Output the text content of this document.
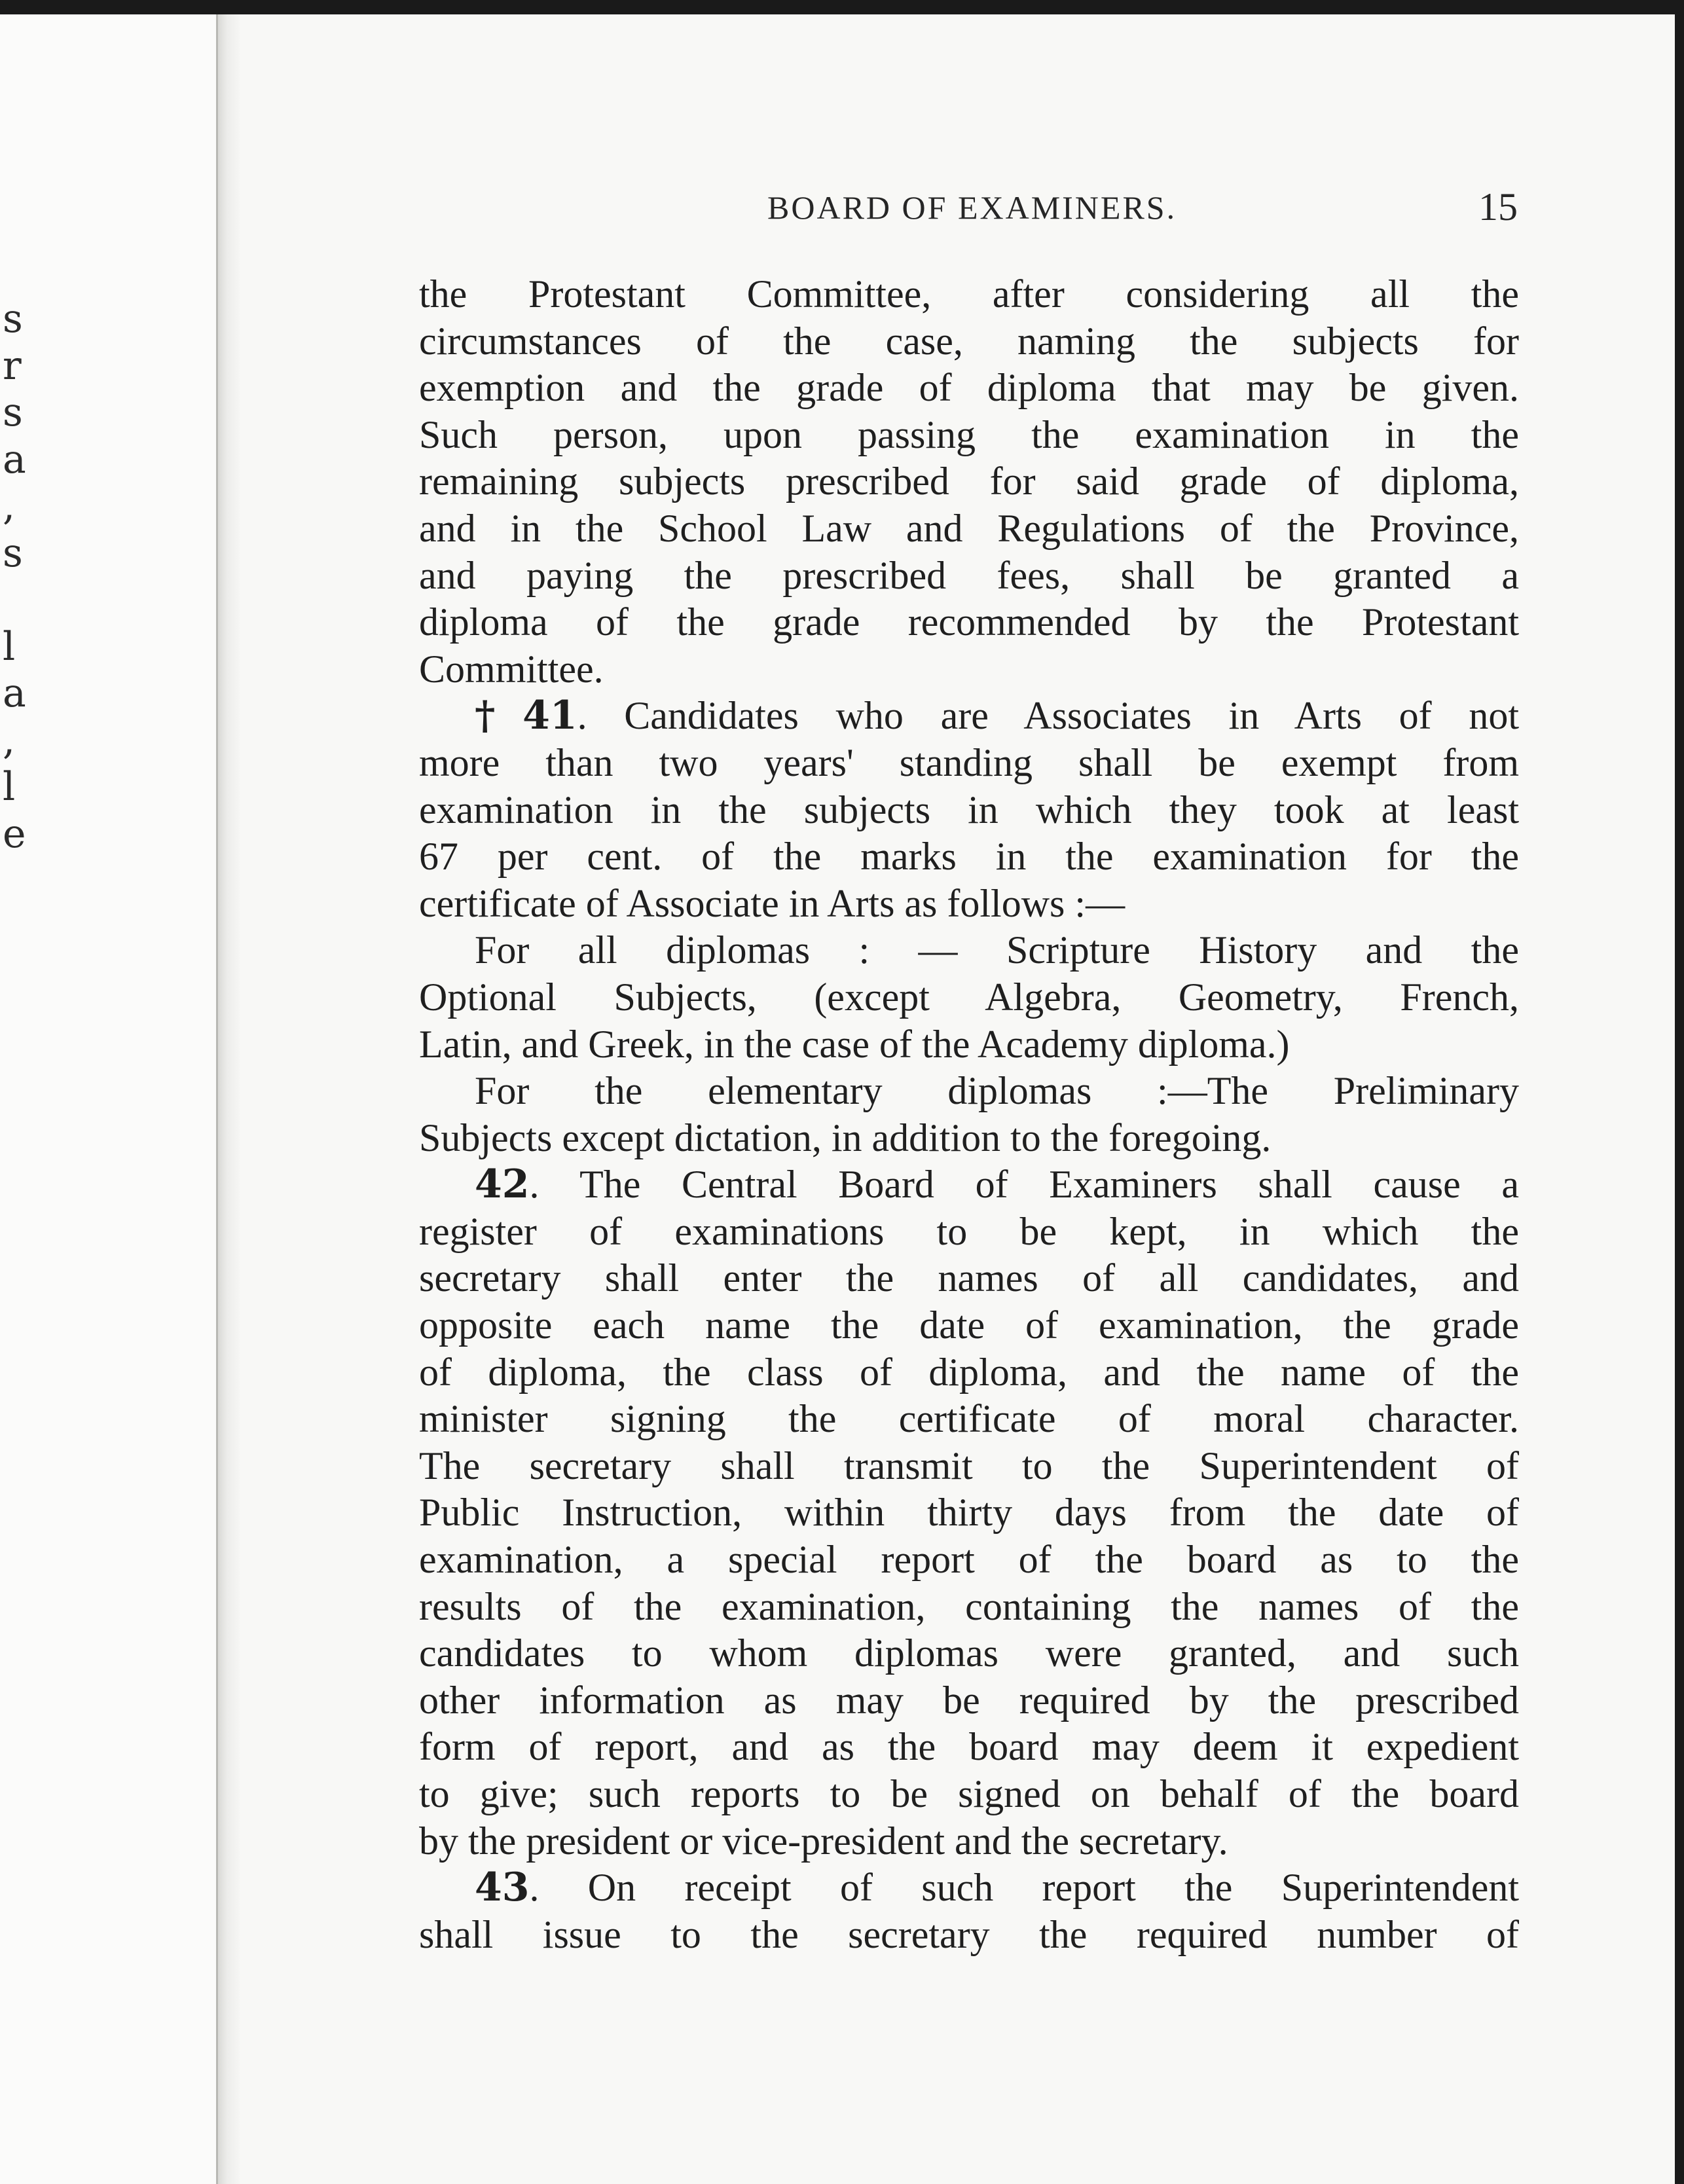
s
r
s
a
,
s
l
a
,
l
e
BOARD OF EXAMINERS.	15
the Protestant Committee, after considering all the
circumstances of the case, naming the subjects for
exemption and the grade of diploma that may be given.
Such person, upon passing the examination in the
remaining subjects prescribed for said grade of diploma,
and in the School Law and Regulations of the Province,
and paying the prescribed fees, shall be granted a
diploma of the grade recommended by the Protestant
Committee.
†41. Candidates who are Associates in Arts of not
more than two years' standing shall be exempt from
examination in the subjects in which they took at least
67 per cent. of the marks in the examination for the
certificate of Associate in Arts as follows :—
For all diplomas : — Scripture History and the
Optional Subjects, (except Algebra, Geometry, French,
Latin, and Greek, in the case of the Academy diploma.)
For the elementary diplomas :—The Preliminary
Subjects except dictation, in addition to the foregoing.
42. The Central Board of Examiners shall cause a
register of examinations to be kept, in which the
secretary shall enter the names of all candidates, and
opposite each name the date of examination, the grade
of diploma, the class of diploma, and the name of the
minister signing the certificate of moral character.
The secretary shall transmit to the Superintendent of
Public Instruction, within thirty days from the date of
examination, a special report of the board as to the
results of the examination, containing the names of the
candidates to whom diplomas were granted, and such
other information as may be required by the prescribed
form of report, and as the board may deem it expedient
to give; such reports to be signed on behalf of the board
by the president or vice-president and the secretary.
43. On receipt of such report the Superintendent
shall issue to the secretary the required number of
